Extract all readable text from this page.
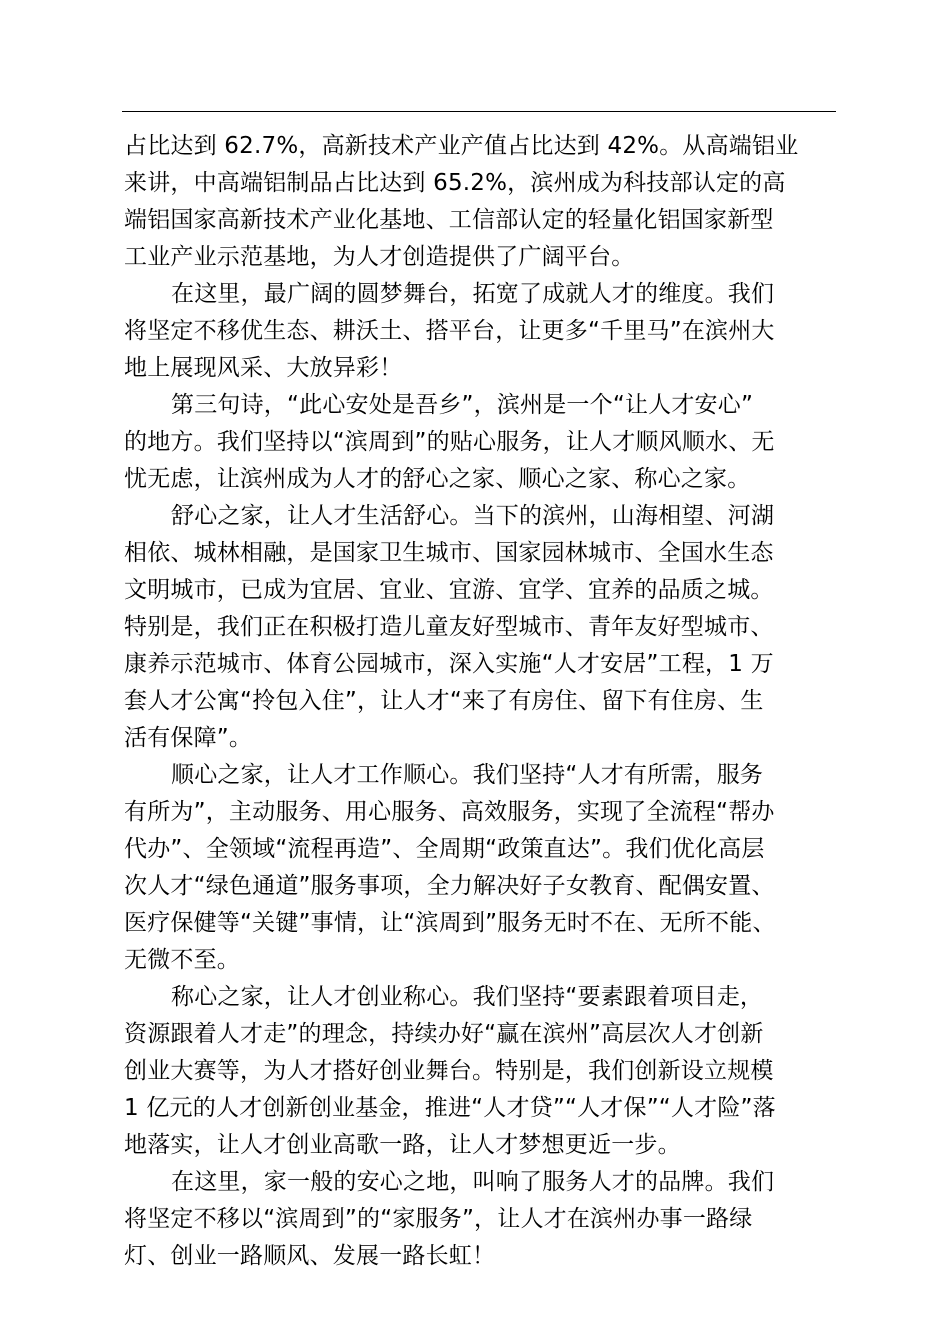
占比达到 62.7%，高新技术产业产值占比达到 42%。从高端铝业
来讲，中高端铝制品占比达到 65.2%，滨州成为科技部认定的高
端铝国家高新技术产业化基地、工信部认定的轻量化铝国家新型
工业产业示范基地，为人才创造提供了广阔平台。

在这里，最广阔的圆梦舞台，拓宽了成就人才的维度。我们
将坚定不移优生态、耕沃土、搭平台，让更多“千里马”在滨州大
地上展现风采、大放异彩！

第三句诗，“此心安处是吾乡”，滨州是一个“让人才安心”
的地方。我们坚持以“滨周到”的贴心服务，让人才顺风顺水、无
忧无虑，让滨州成为人才的舒心之家、顺心之家、称心之家。

舒心之家，让人才生活舒心。当下的滨州，山海相望、河湖
相依、城林相融，是国家卫生城市、国家园林城市、全国水生态
文明城市，已成为宜居、宜业、宜游、宜学、宜养的品质之城。
特别是，我们正在积极打造儿童友好型城市、青年友好型城市、
康养示范城市、体育公园城市，深入实施“人才安居”工程，1 万
套人才公寓“拎包入住”，让人才“来了有房住、留下有住房、生
活有保障”。

顺心之家，让人才工作顺心。我们坚持“人才有所需，服务
有所为”，主动服务、用心服务、高效服务，实现了全流程“帮办
代办”、全领域“流程再造”、全周期“政策直达”。我们优化高层
次人才“绿色通道”服务事项，全力解决好子女教育、配偶安置、
医疗保健等“关键”事情，让“滨周到”服务无时不在、无所不能、
无微不至。

称心之家，让人才创业称心。我们坚持“要素跟着项目走，
资源跟着人才走”的理念，持续办好“赢在滨州”高层次人才创新
创业大赛等，为人才搭好创业舞台。特别是，我们创新设立规模
1 亿元的人才创新创业基金，推进“人才贷”“人才保”“人才险”落
地落实，让人才创业高歌一路，让人才梦想更近一步。

在这里，家一般的安心之地，叫响了服务人才的品牌。我们
将坚定不移以“滨周到”的“家服务”，让人才在滨州办事一路绿
灯、创业一路顺风、发展一路长虹！
